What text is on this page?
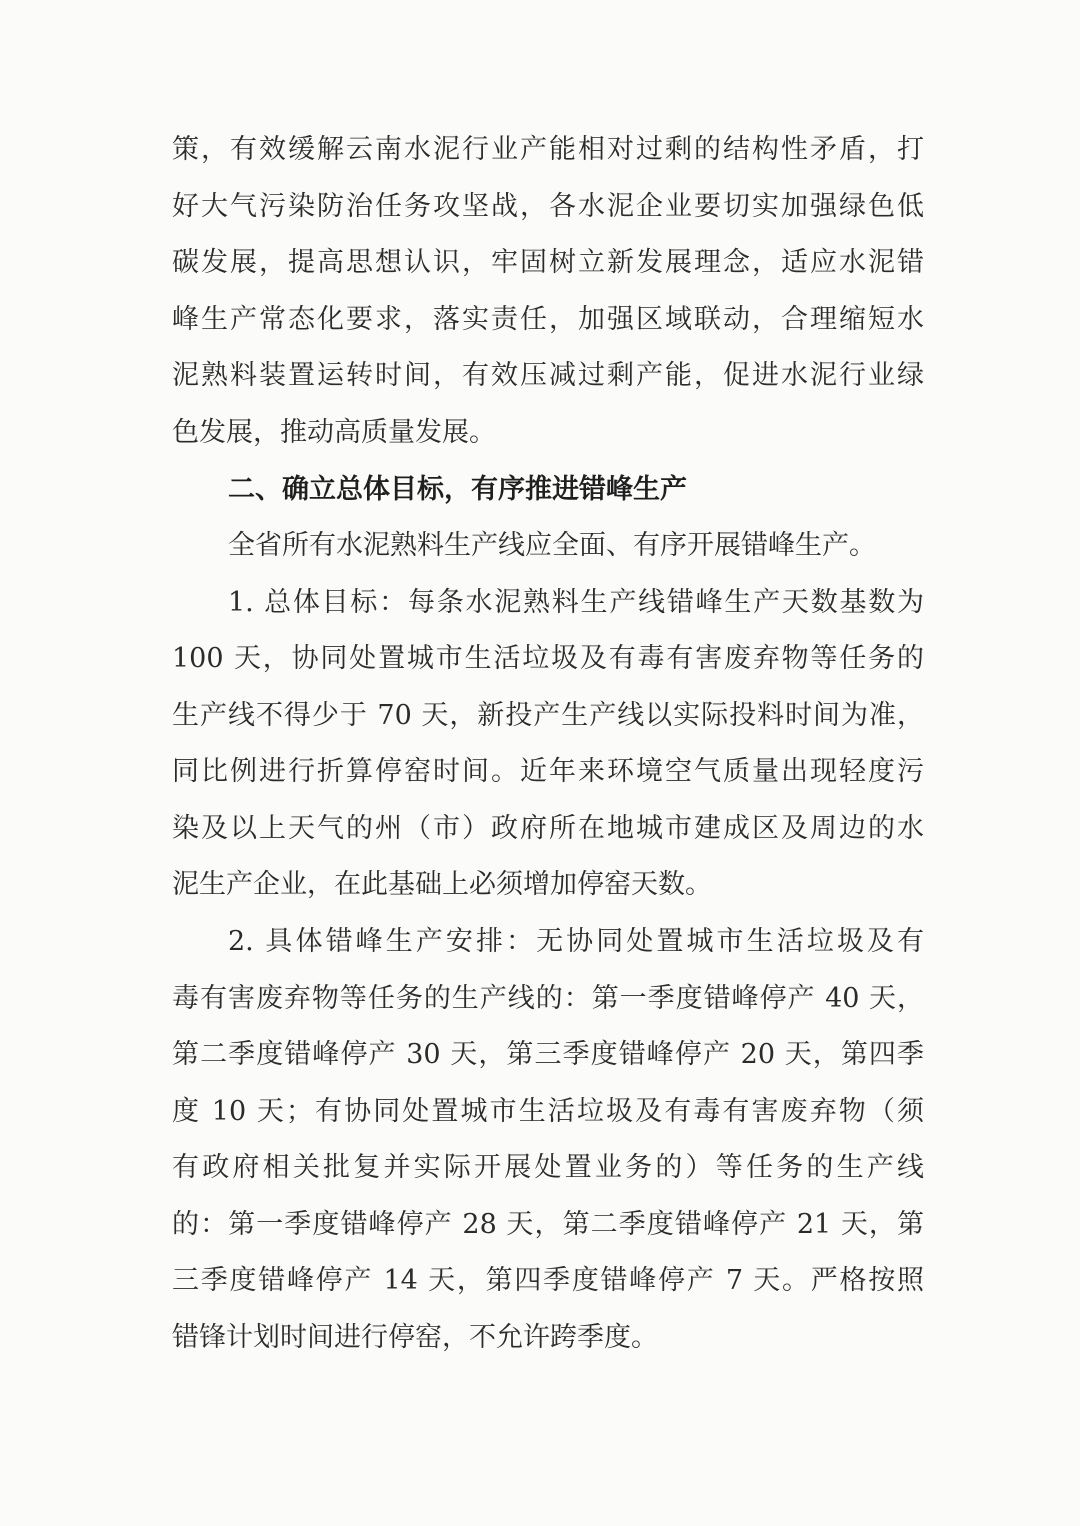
策，有效缓解云南水泥行业产能相对过剩的结构性矛盾，打
好大气污染防治任务攻坚战，各水泥企业要切实加强绿色低
碳发展，提高思想认识，牢固树立新发展理念，适应水泥错
峰生产常态化要求，落实责任，加强区域联动，合理缩短水
泥熟料装置运转时间，有效压减过剩产能，促进水泥行业绿
色发展，推动高质量发展。
二、确立总体目标，有序推进错峰生产
全省所有水泥熟料生产线应全面、有序开展错峰生产。
1. 总体目标：每条水泥熟料生产线错峰生产天数基数为
100 天，协同处置城市生活垃圾及有毒有害废弃物等任务的
生产线不得少于 70 天，新投产生产线以实际投料时间为准，
同比例进行折算停窑时间。近年来环境空气质量出现轻度污
染及以上天气的州（市）政府所在地城市建成区及周边的水
泥生产企业，在此基础上必须增加停窑天数。
2. 具体错峰生产安排：无协同处置城市生活垃圾及有
毒有害废弃物等任务的生产线的：第一季度错峰停产 40 天，
第二季度错峰停产 30 天，第三季度错峰停产 20 天，第四季
度 10 天；有协同处置城市生活垃圾及有毒有害废弃物（须
有政府相关批复并实际开展处置业务的）等任务的生产线
的：第一季度错峰停产 28 天，第二季度错峰停产 21 天，第
三季度错峰停产 14 天，第四季度错峰停产 7 天。严格按照
错锋计划时间进行停窑，不允许跨季度。
